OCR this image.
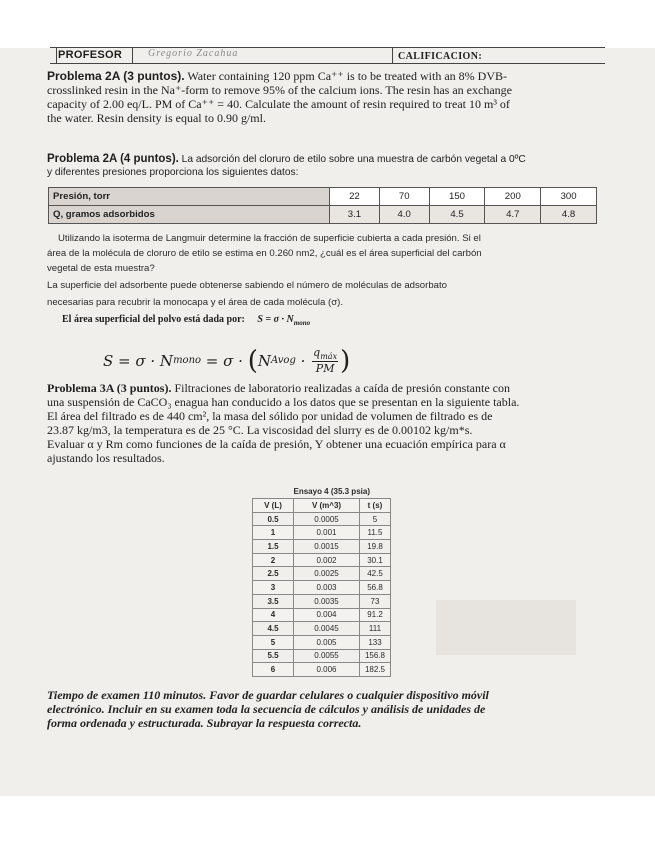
PROFESOR	Gregorio Zacahua	CALIFICACION:
Problema 2A (3 puntos). Water containing 120 ppm Ca⁺⁺ is to be treated with an 8% DVB-
crosslinked resin in the Na⁺-form to remove 95% of the calcium ions. The resin has an exchange
capacity of 2.00 eq/L. PM of Ca⁺⁺ = 40. Calculate the amount of resin required to treat 10 m³ of
the water. Resin density is equal to 0.90 g/ml.
Problema 2A (4 puntos). La adsorción del cloruro de etilo sobre una muestra de carbón vegetal a 0ºC
y diferentes presiones proporciona los siguientes datos:
Presión, torr	22	70	150	200	300
Q, gramos adsorbidos	3.1	4.0	4.5	4.7	4.8
Utilizando la isoterma de Langmuir determine la fracción de superficie cubierta a cada presión. Si el
área de la molécula de cloruro de etilo se estima en 0.260 nm2, ¿cuál es el área superficial del carbón
vegetal de esta muestra?
La superficie del adsorbente puede obtenerse sabiendo el número de moléculas de adsorbato
necesarias para recubrir la monocapa y el área de cada molécula (σ).
El área superficial del polvo está dada por: $S = \sigma \cdot N_{mono}$
S = σ · N mono = σ · ( N Avog · $\frac{q_{máx}}{PM}$ )
Problema 3A (3 puntos). Filtraciones de laboratorio realizadas a caída de presión constante con
una suspensión de CaCO₃ enagua han conducido a los datos que se presentan en la siguiente tabla.
El área del filtrado es de 440 cm², la masa del sólido por unidad de volumen de filtrado es de
23.87 kg/m3, la temperatura es de 25 °C. La viscosidad del slurry es de 0.00102 kg/m*s.
Evaluar α y Rm como funciones de la caída de presión, Y obtener una ecuación empírica para α
ajustando los resultados.
	Ensayo 4 (35.3 psia)	
V (L)	V (m^3)	t (s)
0.5	0.0005	5
1	0.001	11.5
1.5	0.0015	19.8
2	0.002	30.1
2.5	0.0025	42.5
3	0.003	56.8
3.5	0.0035	73
4	0.004	91.2
4.5	0.0045	111
5	0.005	133
5.5	0.0055	156.8
6	0.006	182.5
Tiempo de examen 110 minutos. Favor de guardar celulares o cualquier dispositivo móvil
electrónico. Incluir en su examen toda la secuencia de cálculos y análisis de unidades de
forma ordenada y estructurada. Subrayar la respuesta correcta.
